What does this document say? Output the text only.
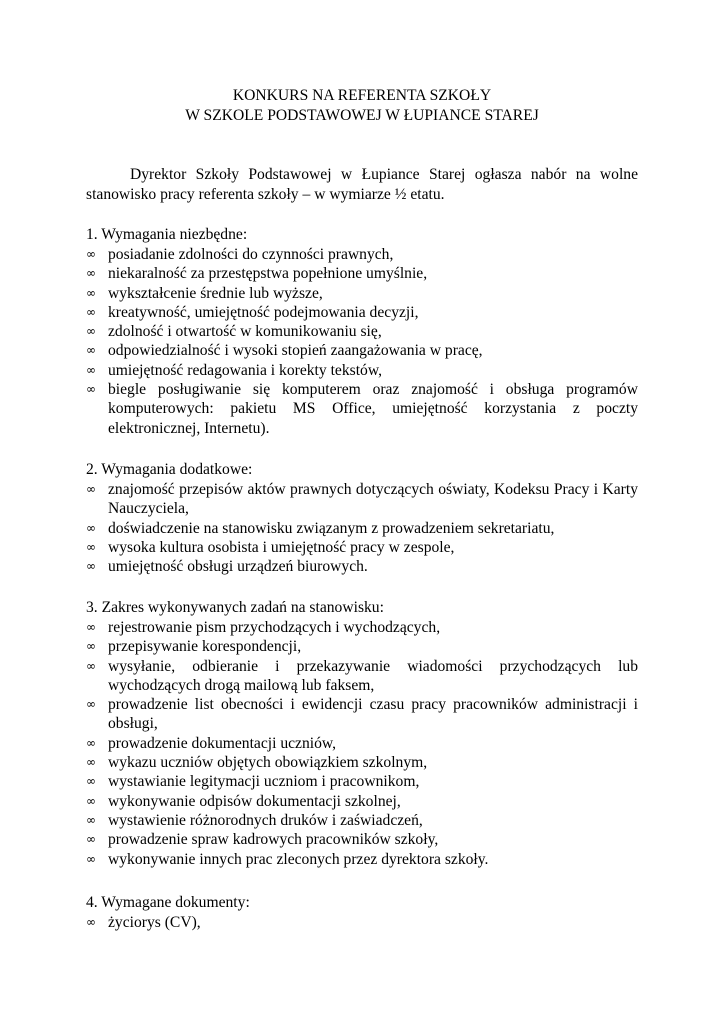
KONKURS NA REFERENTA SZKOŁY
W SZKOLE PODSTAWOWEJ W ŁUPIANCE STAREJ
Dyrektor Szkoły Podstawowej w Łupiance Starej ogłasza nabór na wolne stanowisko pracy referenta szkoły – w wymiarze ½ etatu.
1. Wymagania niezbędne:
∞ posiadanie zdolności do czynności prawnych,
∞ niekaralność za przestępstwa popełnione umyślnie,
∞ wykształcenie średnie lub wyższe,
∞ kreatywność, umiejętność podejmowania decyzji,
∞ zdolność i otwartość w komunikowaniu się,
∞ odpowiedzialność i wysoki stopień zaangażowania w pracę,
∞ umiejętność redagowania i korekty tekstów,
∞ biegle posługiwanie się komputerem oraz znajomość i obsługa programów komputerowych: pakietu MS Office, umiejętność korzystania z poczty elektronicznej, Internetu).
2. Wymagania dodatkowe:
∞ znajomość przepisów aktów prawnych dotyczących oświaty, Kodeksu Pracy i Karty Nauczyciela,
∞ doświadczenie na stanowisku związanym z prowadzeniem sekretariatu,
∞ wysoka kultura osobista i umiejętność pracy w zespole,
∞ umiejętność obsługi urządzeń biurowych.
3. Zakres wykonywanych zadań na stanowisku:
∞ rejestrowanie pism przychodzących i wychodzących,
∞ przepisywanie korespondencji,
∞ wysyłanie, odbieranie i przekazywanie wiadomości przychodzących lub wychodzących drogą mailową lub faksem,
∞ prowadzenie list obecności i ewidencji czasu pracy pracowników administracji i obsługi,
∞ prowadzenie dokumentacji uczniów,
∞ wykazu uczniów objętych obowiązkiem szkolnym,
∞ wystawianie legitymacji uczniom i pracownikom,
∞ wykonywanie odpisów dokumentacji szkolnej,
∞ wystawienie różnorodnych druków i zaświadczeń,
∞ prowadzenie spraw kadrowych pracowników szkoły,
∞ wykonywanie innych prac zleconych przez dyrektora szkoły.
4. Wymagane dokumenty:
∞ życiorys (CV),
